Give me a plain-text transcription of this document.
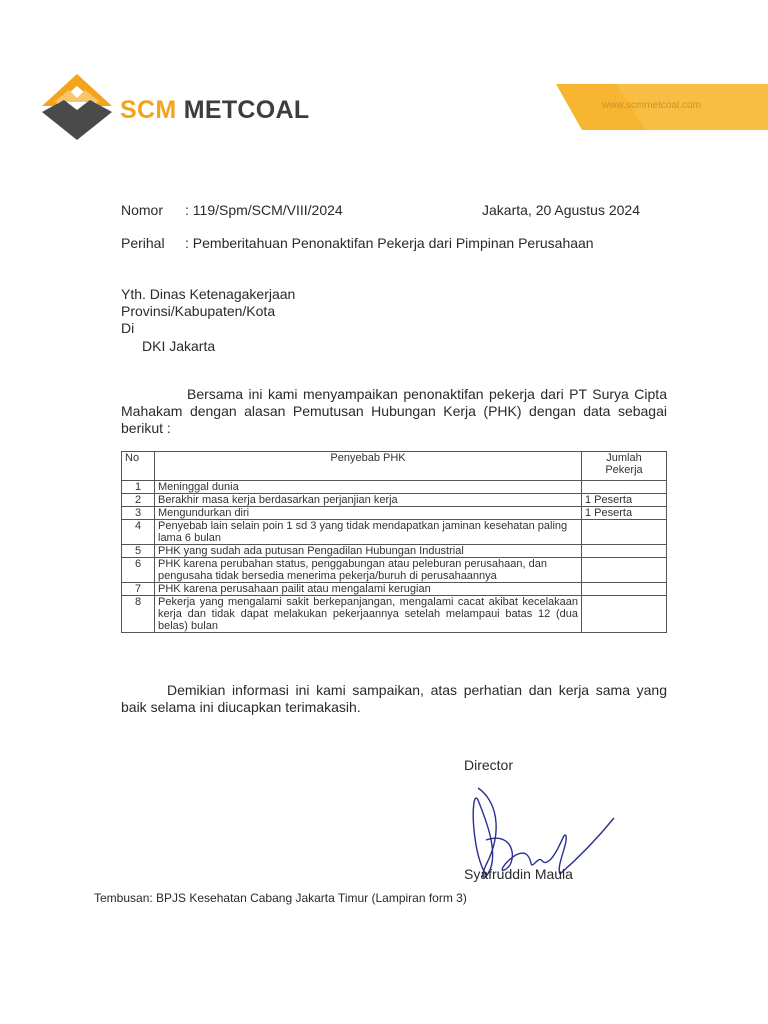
SCM METCOAL	www.scmmetcoal.com
Nomor : 119/Spm/SCM/VIII/2024	Jakarta, 20 Agustus 2024
Perihal : Pemberitahuan Penonaktifan Pekerja dari Pimpinan Perusahaan
Yth. Dinas Ketenagakerjaan
Provinsi/Kabupaten/Kota
Di
DKI Jakarta
Bersama ini kami menyampaikan penonaktifan pekerja dari PT Surya Cipta Mahakam dengan alasan Pemutusan Hubungan Kerja (PHK) dengan data sebagai berikut :
No	Penyebab PHK	Jumlah Pekerja
1	Meninggal dunia	
2	Berakhir masa kerja berdasarkan perjanjian kerja	1 Peserta
3	Mengundurkan diri	1 Peserta
4	Penyebab lain selain poin 1 sd 3 yang tidak mendapatkan jaminan kesehatan paling lama 6 bulan	
5	PHK yang sudah ada putusan Pengadilan Hubungan Industrial	
6	PHK karena perubahan status, penggabungan atau peleburan perusahaan, dan pengusaha tidak bersedia menerima pekerja/buruh di perusahaannya	
7	PHK karena perusahaan pailit atau mengalami kerugian	
8	Pekerja yang mengalami sakit berkepanjangan, mengalami cacat akibat kecelakaan kerja dan tidak dapat melakukan pekerjaannya setelah melampaui batas 12 (dua belas) bulan	
Demikian informasi ini kami sampaikan, atas perhatian dan kerja sama yang baik selama ini diucapkan terimakasih.
Director
Syafruddin Maula
Tembusan: BPJS Kesehatan Cabang Jakarta Timur (Lampiran form 3)
